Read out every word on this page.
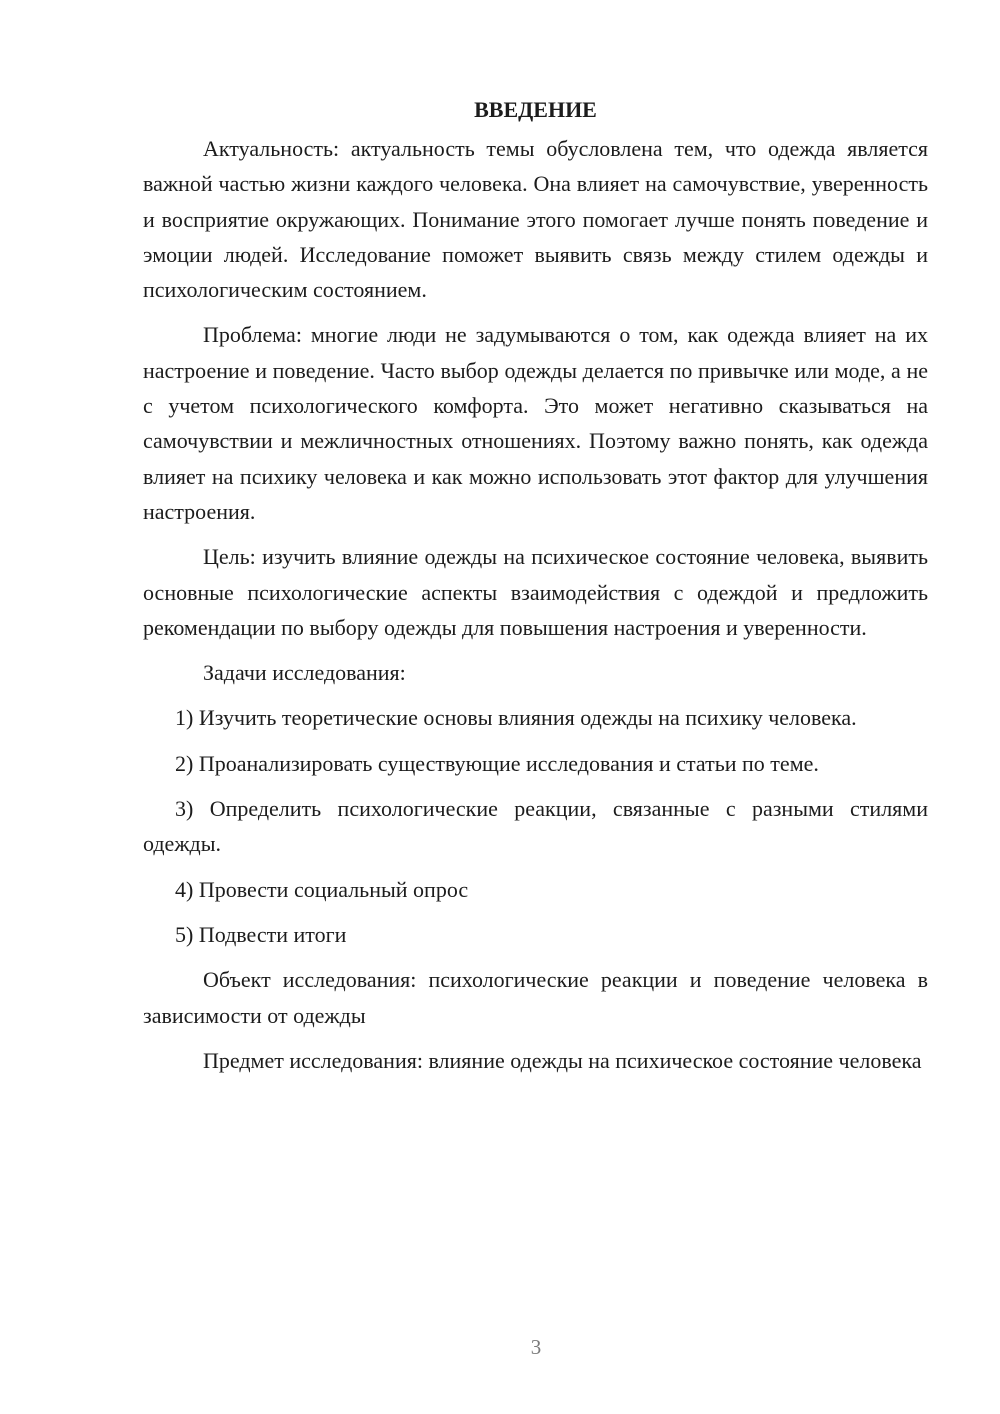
ВВЕДЕНИЕ

Актуальность: актуальность темы обусловлена тем, что одежда является важной частью жизни каждого человека. Она влияет на самочувствие, уверенность и восприятие окружающих. Понимание этого помогает лучше понять поведение и эмоции людей. Исследование поможет выявить связь между стилем одежды и психологическим состоянием.

Проблема: многие люди не задумываются о том, как одежда влияет на их настроение и поведение. Часто выбор одежды делается по привычке или моде, а не с учетом психологического комфорта. Это может негативно сказываться на самочувствии и межличностных отношениях. Поэтому важно понять, как одежда влияет на психику человека и как можно использовать этот фактор для улучшения настроения.

Цель: изучить влияние одежды на психическое состояние человека, выявить основные психологические аспекты взаимодействия с одеждой и предложить рекомендации по выбору одежды для повышения настроения и уверенности.

Задачи исследования:

1) Изучить теоретические основы влияния одежды на психику человека.

2) Проанализировать существующие исследования и статьи по теме.

3) Определить психологические реакции, связанные с разными стилями одежды.

4) Провести социальный опрос

5) Подвести итоги

Объект исследования: психологические реакции и поведение человека в зависимости от одежды

Предмет исследования: влияние одежды на психическое состояние человека

3
